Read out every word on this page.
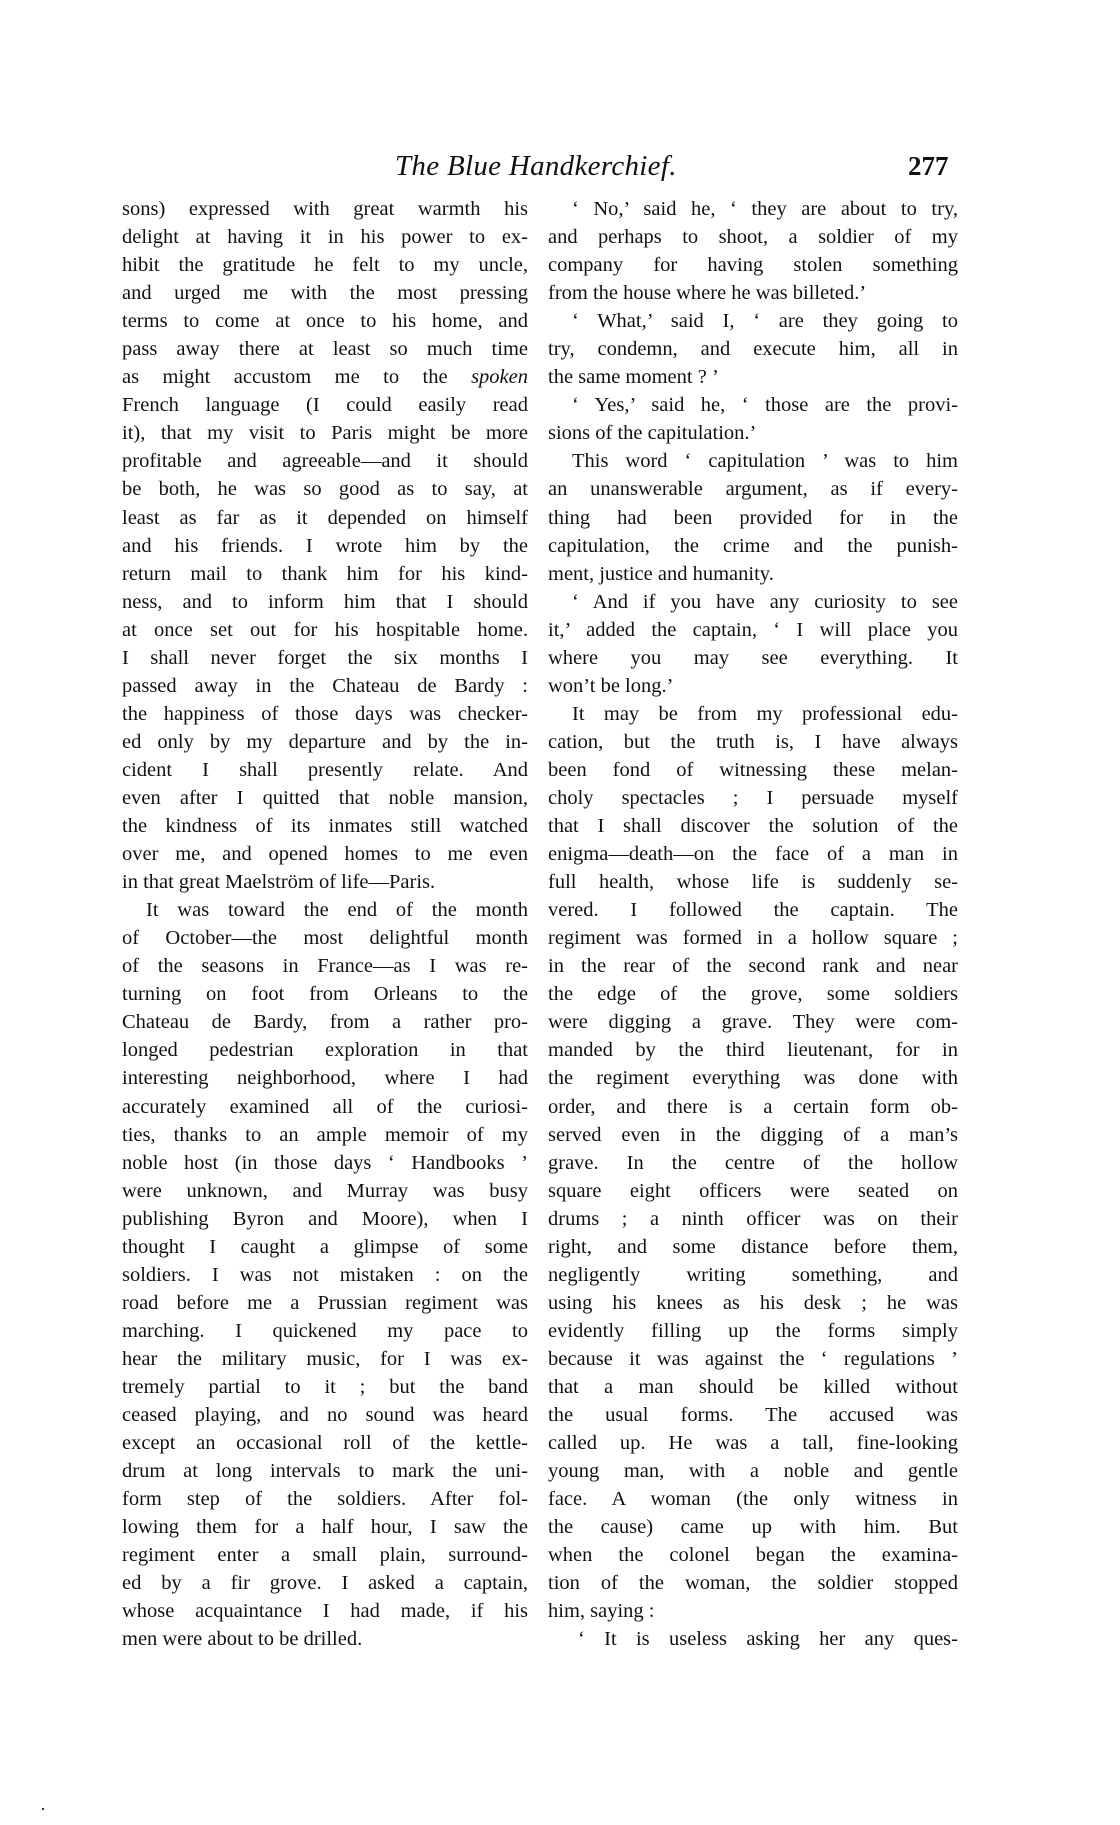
The Blue Handkerchief.	277
sons) expressed with great warmth his
delight at having it in his power to ex-
hibit the gratitude he felt to my uncle,
and urged me with the most pressing
terms to come at once to his home, and
pass away there at least so much time
as might accustom me to the spoken
French language (I could easily read
it), that my visit to Paris might be more
profitable and agreeable—and it should
be both, he was so good as to say, at
least as far as it depended on himself
and his friends. I wrote him by the
return mail to thank him for his kind-
ness, and to inform him that I should
at once set out for his hospitable home.
I shall never forget the six months I
passed away in the Chateau de Bardy :
the happiness of those days was checker-
ed only by my departure and by the in-
cident I shall presently relate. And
even after I quitted that noble mansion,
the kindness of its inmates still watched
over me, and opened homes to me even
in that great Maelström of life—Paris.
It was toward the end of the month
of October—the most delightful month
of the seasons in France—as I was re-
turning on foot from Orleans to the
Chateau de Bardy, from a rather pro-
longed pedestrian exploration in that
interesting neighborhood, where I had
accurately examined all of the curiosi-
ties, thanks to an ample memoir of my
noble host (in those days ‘ Handbooks ’
were unknown, and Murray was busy
publishing Byron and Moore), when I
thought I caught a glimpse of some
soldiers. I was not mistaken : on the
road before me a Prussian regiment was
marching. I quickened my pace to
hear the military music, for I was ex-
tremely partial to it ; but the band
ceased playing, and no sound was heard
except an occasional roll of the kettle-
drum at long intervals to mark the uni-
form step of the soldiers. After fol-
lowing them for a half hour, I saw the
regiment enter a small plain, surround-
ed by a fir grove. I asked a captain,
whose acquaintance I had made, if his
men were about to be drilled.
‘ No,’ said he, ‘ they are about to try,
and perhaps to shoot, a soldier of my
company for having stolen something
from the house where he was billeted.’
‘ What,’ said I, ‘ are they going to
try, condemn, and execute him, all in
the same moment ? ’
‘ Yes,’ said he, ‘ those are the provi-
sions of the capitulation.’
This word ‘ capitulation ’ was to him
an unanswerable argument, as if every-
thing had been provided for in the
capitulation, the crime and the punish-
ment, justice and humanity.
‘ And if you have any curiosity to see
it,’ added the captain, ‘ I will place you
where you may see everything. It
won’t be long.’
It may be from my professional edu-
cation, but the truth is, I have always
been fond of witnessing these melan-
choly spectacles ; I persuade myself
that I shall discover the solution of the
enigma—death—on the face of a man in
full health, whose life is suddenly se-
vered. I followed the captain. The
regiment was formed in a hollow square ;
in the rear of the second rank and near
the edge of the grove, some soldiers
were digging a grave. They were com-
manded by the third lieutenant, for in
the regiment everything was done with
order, and there is a certain form ob-
served even in the digging of a man’s
grave. In the centre of the hollow
square eight officers were seated on
drums ; a ninth officer was on their
right, and some distance before them,
negligently writing something, and
using his knees as his desk ; he was
evidently filling up the forms simply
because it was against the ‘ regulations ’
that a man should be killed without
the usual forms. The accused was
called up. He was a tall, fine-looking
young man, with a noble and gentle
face. A woman (the only witness in
the cause) came up with him. But
when the colonel began the examina-
tion of the woman, the soldier stopped
him, saying :
‘ It is useless asking her any ques-
